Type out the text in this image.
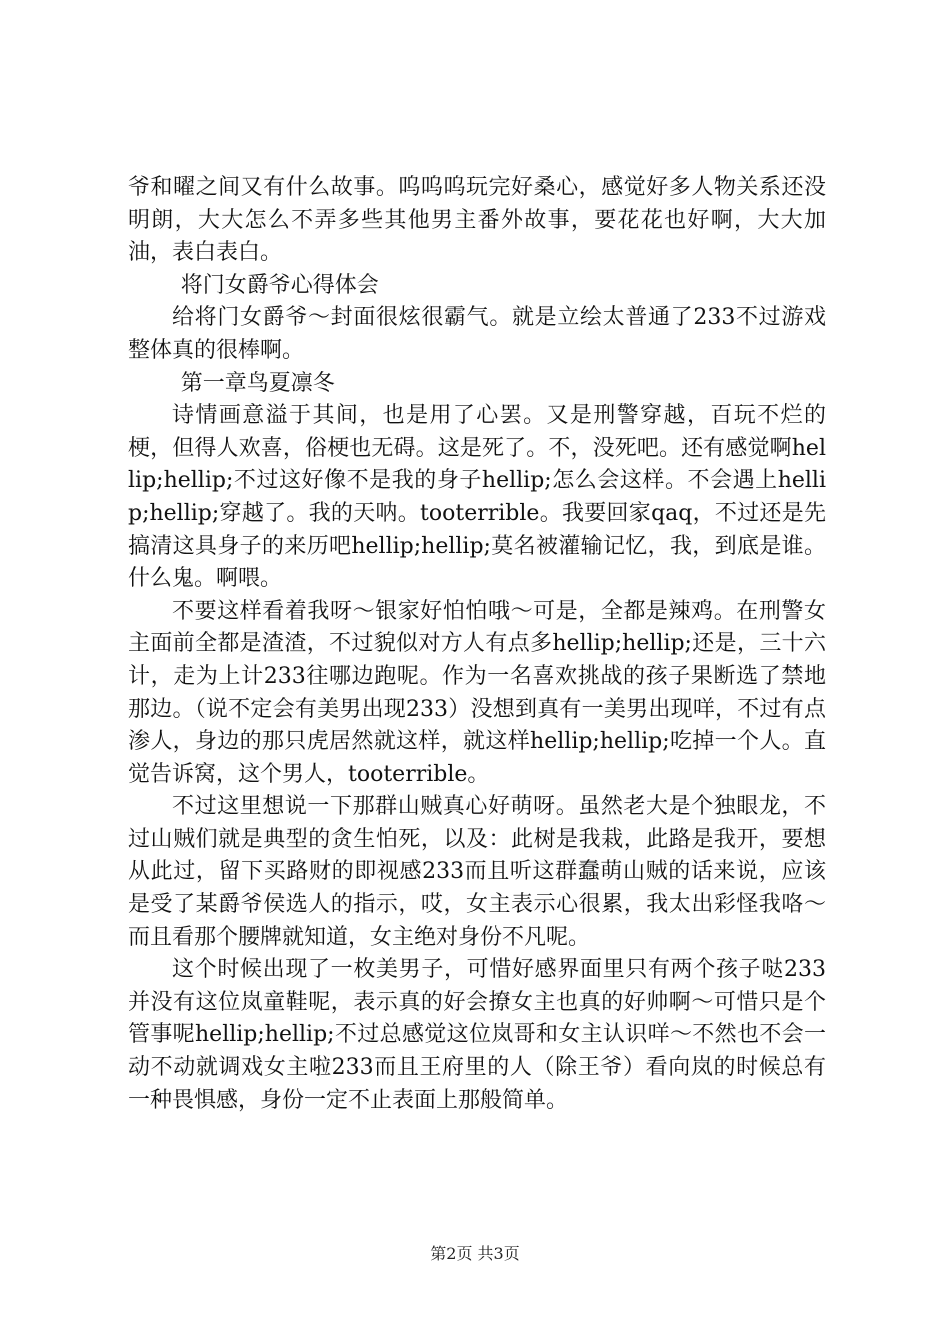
爷和曜之间又有什么故事。呜呜呜玩完好桑心，感觉好多人物关系还没明朗，大大怎么不弄多些其他男主番外故事，要花花也好啊，大大加油，表白表白。

将门女爵爷心得体会

给将门女爵爷～封面很炫很霸气。就是立绘太普通了233不过游戏整体真的很棒啊。

第一章鸟夏凛冬

诗情画意溢于其间，也是用了心罢。又是刑警穿越，百玩不烂的梗，但得人欢喜，俗梗也无碍。这是死了。不，没死吧。还有感觉啊hellip;hellip;不过这好像不是我的身子hellip;怎么会这样。不会遇上hellip;hellip;穿越了。我的天呐。tooterrible。我要回家qaq，不过还是先搞清这具身子的来历吧hellip;hellip;莫名被灌输记忆，我，到底是谁。什么鬼。啊喂。

不要这样看着我呀～银家好怕怕哦～可是，全都是辣鸡。在刑警女主面前全都是渣渣，不过貌似对方人有点多hellip;hellip;还是，三十六计，走为上计233往哪边跑呢。作为一名喜欢挑战的孩子果断选了禁地那边。（说不定会有美男出现233）没想到真有一美男出现咩，不过有点渗人，身边的那只虎居然就这样，就这样hellip;hellip;吃掉一个人。直觉告诉窝，这个男人，tooterrible。

不过这里想说一下那群山贼真心好萌呀。虽然老大是个独眼龙，不过山贼们就是典型的贪生怕死，以及：此树是我栽，此路是我开，要想从此过，留下买路财的即视感233而且听这群蠢萌山贼的话来说，应该是受了某爵爷侯选人的指示，哎，女主表示心很累，我太出彩怪我咯～而且看那个腰牌就知道，女主绝对身份不凡呢。

这个时候出现了一枚美男子，可惜好感界面里只有两个孩子哒233并没有这位岚童鞋呢，表示真的好会撩女主也真的好帅啊～可惜只是个管事呢hellip;hellip;不过总感觉这位岚哥和女主认识咩～不然也不会一动不动就调戏女主啦233而且王府里的人（除王爷）看向岚的时候总有一种畏惧感，身份一定不止表面上那般简单。

第2页 共3页
